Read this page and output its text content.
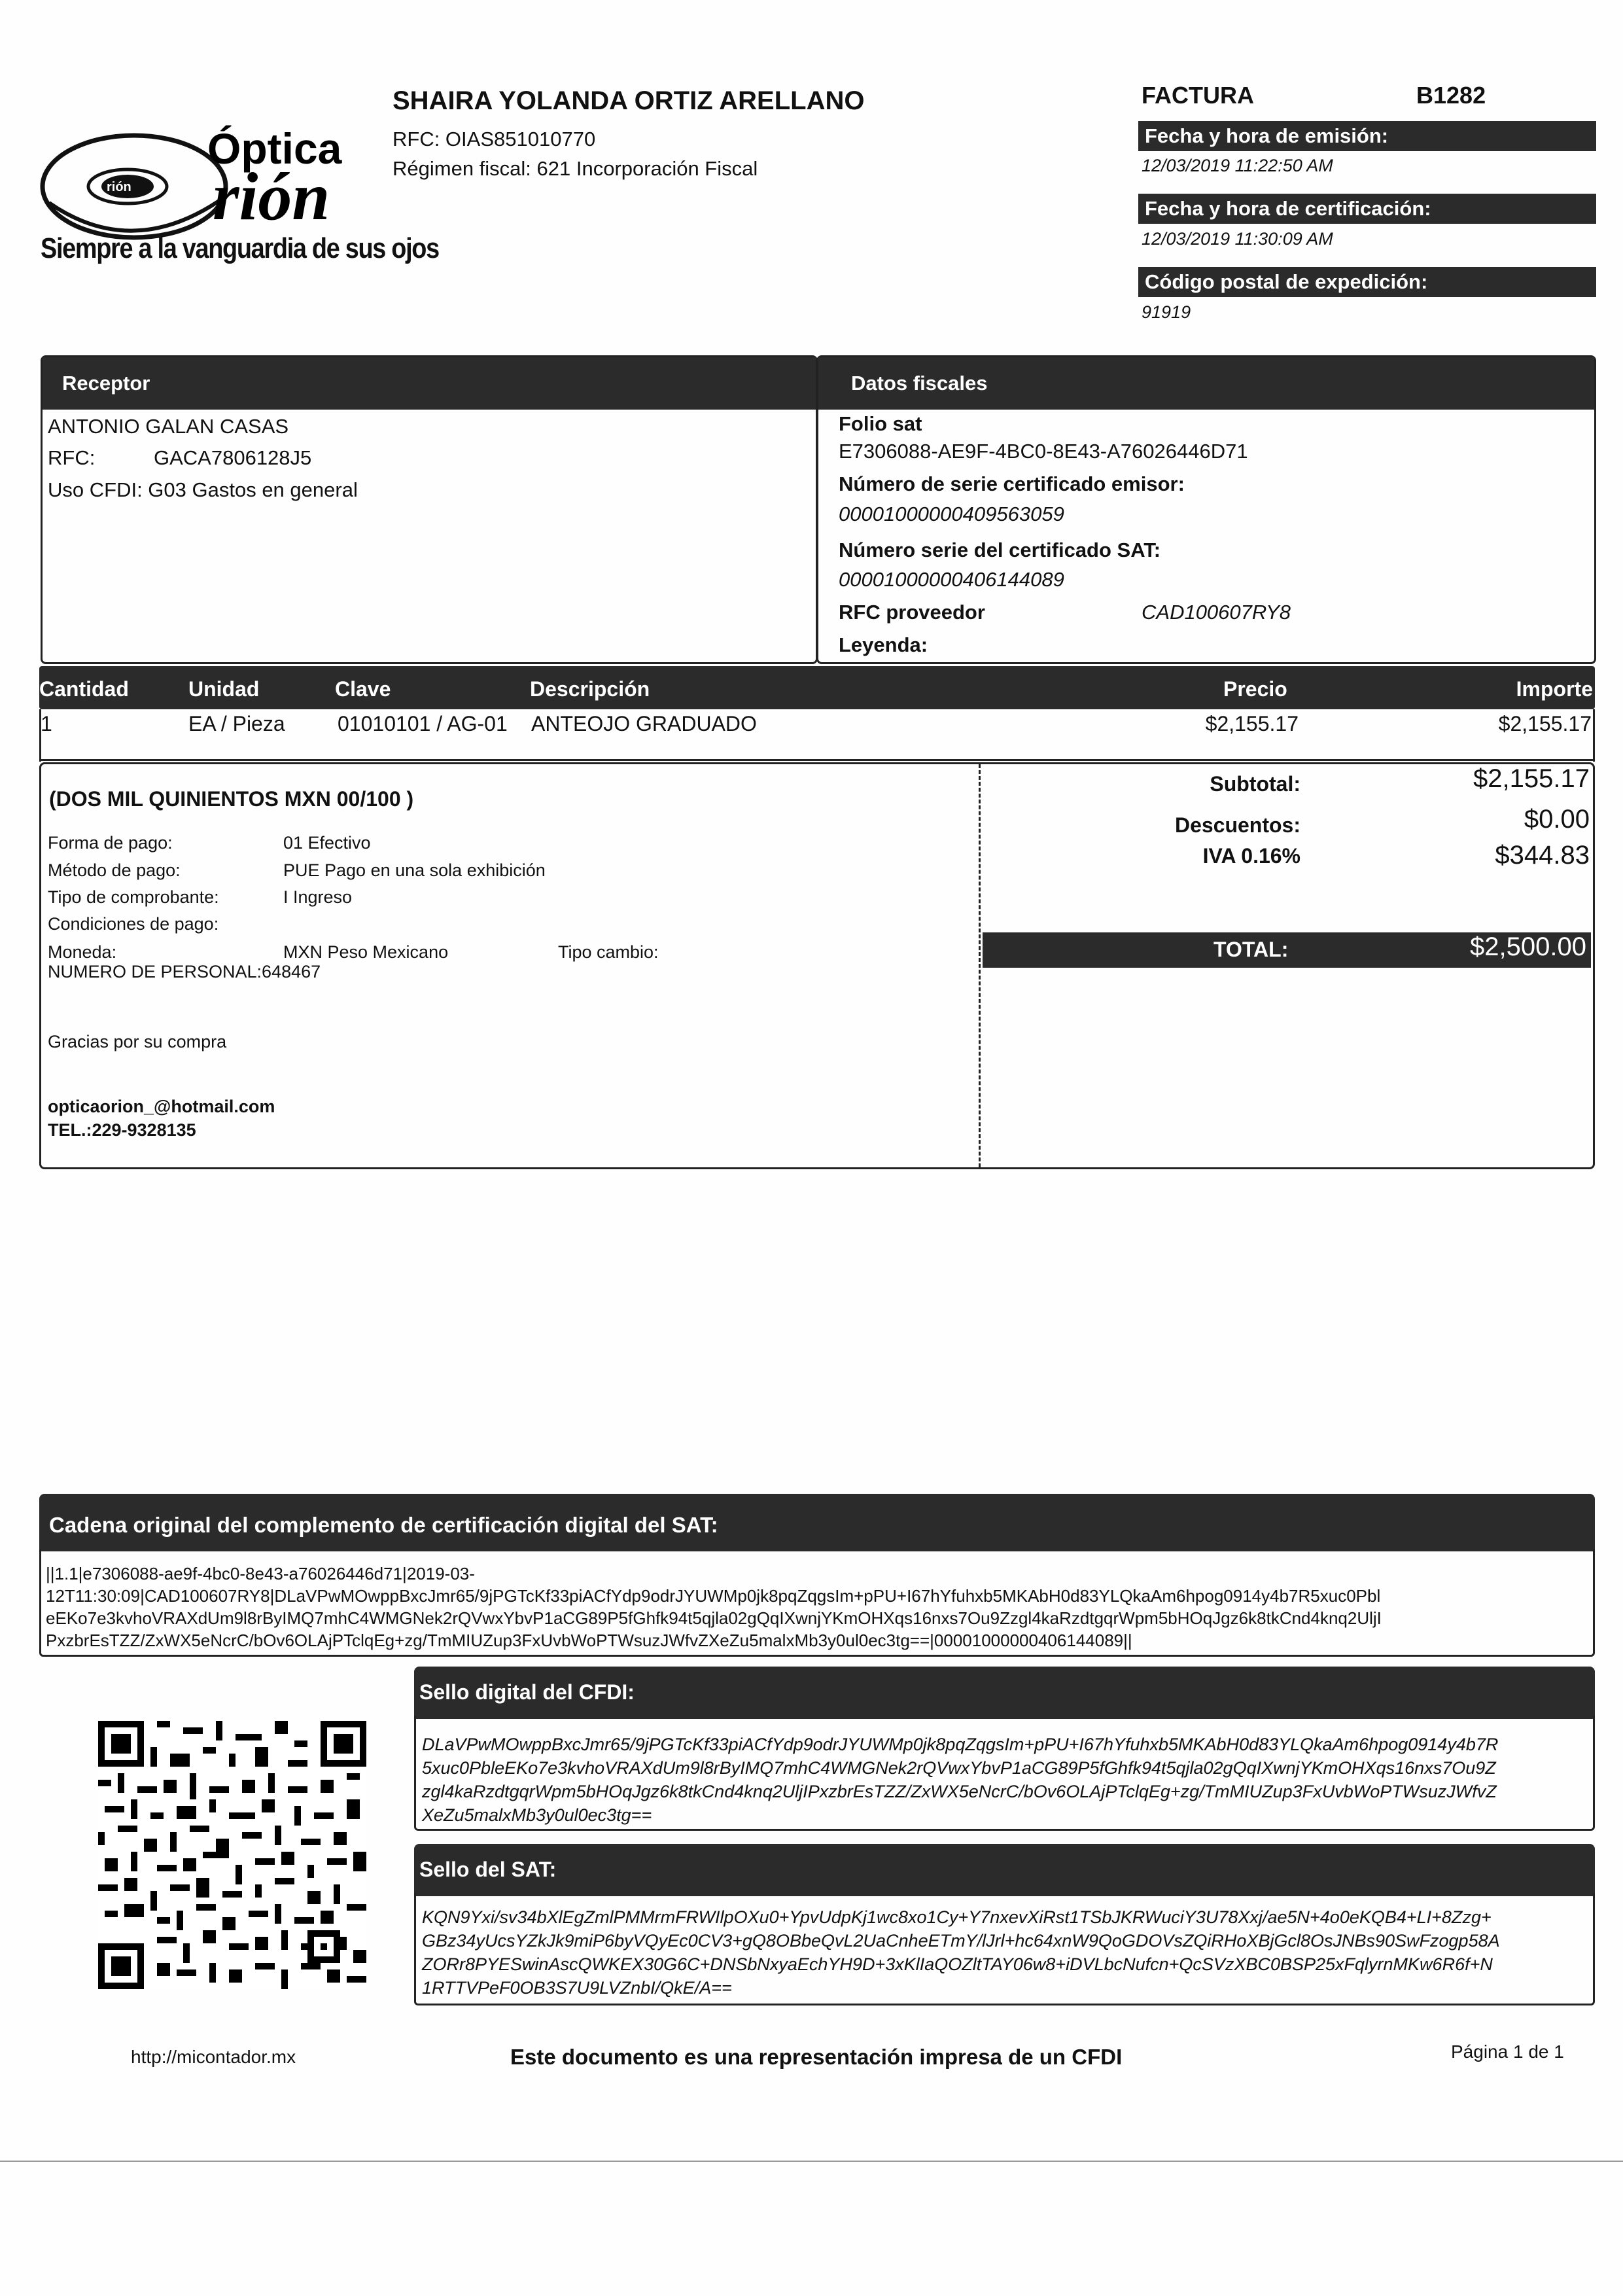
rión
Óptica
rión
Siempre a la vanguardia de sus ojos
SHAIRA YOLANDA ORTIZ ARELLANO
RFC: OIAS851010770
Régimen fiscal: 621 Incorporación Fiscal
FACTURA	B1282
Fecha y hora de emisión:
12/03/2019 11:22:50 AM
Fecha y hora de certificación:
12/03/2019 11:30:09 AM
Código postal de expedición:
91919
Receptor
ANTONIO GALAN CASAS
RFC:	GACA7806128J5
Uso CFDI: G03 Gastos en general
Datos fiscales
Folio sat
E7306088-AE9F-4BC0-8E43-A76026446D71
Número de serie certificado emisor:
00001000000409563059
Número serie del certificado SAT:
00001000000406144089
RFC proveedor	CAD100607RY8
Leyenda:
Cantidad	Unidad	Clave	Descripción	Precio	Importe
1	EA / Pieza	01010101 / AG-01 ANTEOJO GRADUADO	$2,155.17	$2,155.17
(DOS MIL QUINIENTOS MXN 00/100 )
Forma de pago:	01 Efectivo
Método de pago:	PUE Pago en una sola exhibición
Tipo de comprobante:	I Ingreso
Condiciones de pago:
Moneda:	MXN Peso Mexicano	Tipo cambio:
NUMERO DE PERSONAL:648467
Gracias por su compra
opticaorion_@hotmail.com
TEL.:229-9328135
Subtotal:	$2,155.17
Descuentos:	$0.00
IVA 0.16%	$344.83
TOTAL:	$2,500.00
Cadena original del complemento de certificación digital del SAT:
||1.1|e7306088-ae9f-4bc0-8e43-a76026446d71|2019-03-
12T11:30:09|CAD100607RY8|DLaVPwMOwppBxcJmr65/9jPGTcKf33piACfYdp9odrJYUWMp0jk8pqZqgsIm+pPU+I67hYfuhxb5MKAbH0d83YLQkaAm6hpog0914y4b7R5xuc0Pbl
eEKo7e3kvhoVRAXdUm9l8rByIMQ7mhC4WMGNek2rQVwxYbvP1aCG89P5fGhfk94t5qjla02gQqIXwnjYKmOHXqs16nxs7Ou9Zzgl4kaRzdtgqrWpm5bHOqJgz6k8tkCnd4knq2UljI
PxzbrEsTZZ/ZxWX5eNcrC/bOv6OLAjPTclqEg+zg/TmMIUZup3FxUvbWoPTWsuzJWfvZXeZu5malxMb3y0ul0ec3tg==|00001000000406144089||
Sello digital del CFDI:
DLaVPwMOwppBxcJmr65/9jPGTcKf33piACfYdp9odrJYUWMp0jk8pqZqgsIm+pPU+I67hYfuhxb5MKAbH0d83YLQkaAm6hpog0914y4b7R
5xuc0PbleEKo7e3kvhoVRAXdUm9l8rByIMQ7mhC4WMGNek2rQVwxYbvP1aCG89P5fGhfk94t5qjla02gQqIXwnjYKmOHXqs16nxs7Ou9Z
zgl4kaRzdtgqrWpm5bHOqJgz6k8tkCnd4knq2UljIPxzbrEsTZZ/ZxWX5eNcrC/bOv6OLAjPTclqEg+zg/TmMIUZup3FxUvbWoPTWsuzJWfvZ
XeZu5malxMb3y0ul0ec3tg==
Sello del SAT:
KQN9Yxi/sv34bXlEgZmlPMMrmFRWIlpOXu0+YpvUdpKj1wc8xo1Cy+Y7nxevXiRst1TSbJKRWuciY3U78Xxj/ae5N+4o0eKQB4+LI+8Zzg+
GBz34yUcsYZkJk9miP6byVQyEc0CV3+gQ8OBbeQvL2UaCnheETmY/lJrl+hc64xnW9QoGDOVsZQiRHoXBjGcl8OsJNBs90SwFzogp58A
ZORr8PYESwinAscQWKEX30G6C+DNSbNxyaEchYH9D+3xKlIaQOZltTAY06w8+iDVLbcNufcn+QcSVzXBC0BSP25xFqlyrnMKw6R6f+N
1RTTVPeF0OB3S7U9LVZnbI/QkE/A==
http://micontador.mx	Este documento es una representación impresa de un CFDI	Página 1 de 1
